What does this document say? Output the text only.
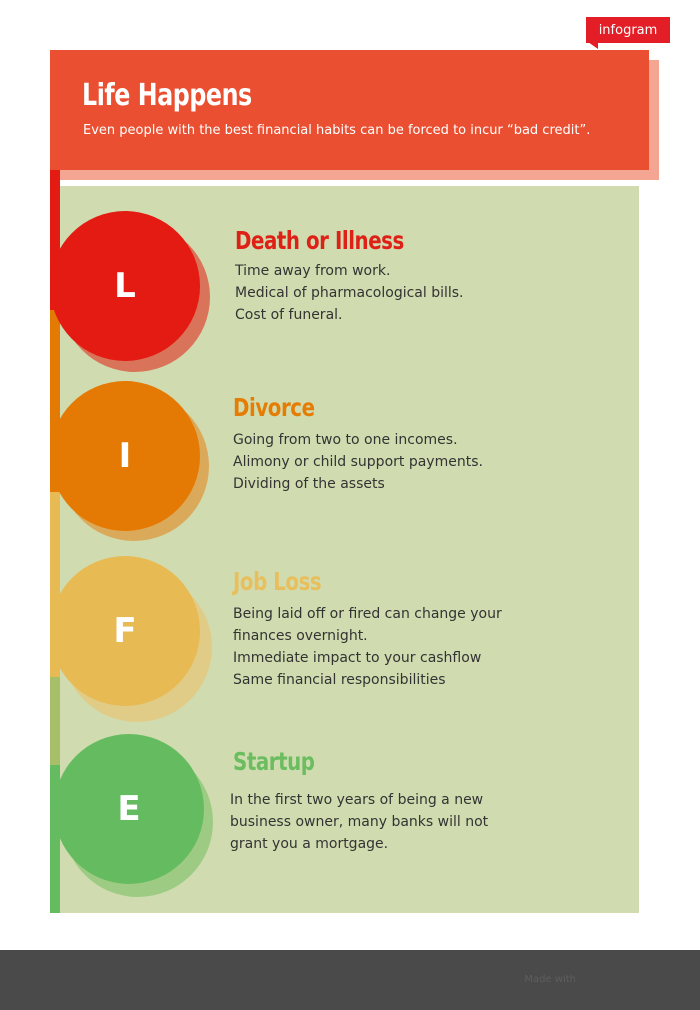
Life Happens

Even people with the best financial habits can be forced to incur “bad credit”.

L
Death or Illness
Time away from work.
Medical of pharmacological bills.
Cost of funeral.
I
Divorce
Going from two to one incomes.
Alimony or child support payments.
Dividing of the assets
F
Job Loss
Being laid off or fired can change your
finances overnight.
Immediate impact to your cashflow
Same financial responsibilities
E
Startup

In the first two years of being a new business owner, many banks will not grant you a mortgage.

Made with
infogram
